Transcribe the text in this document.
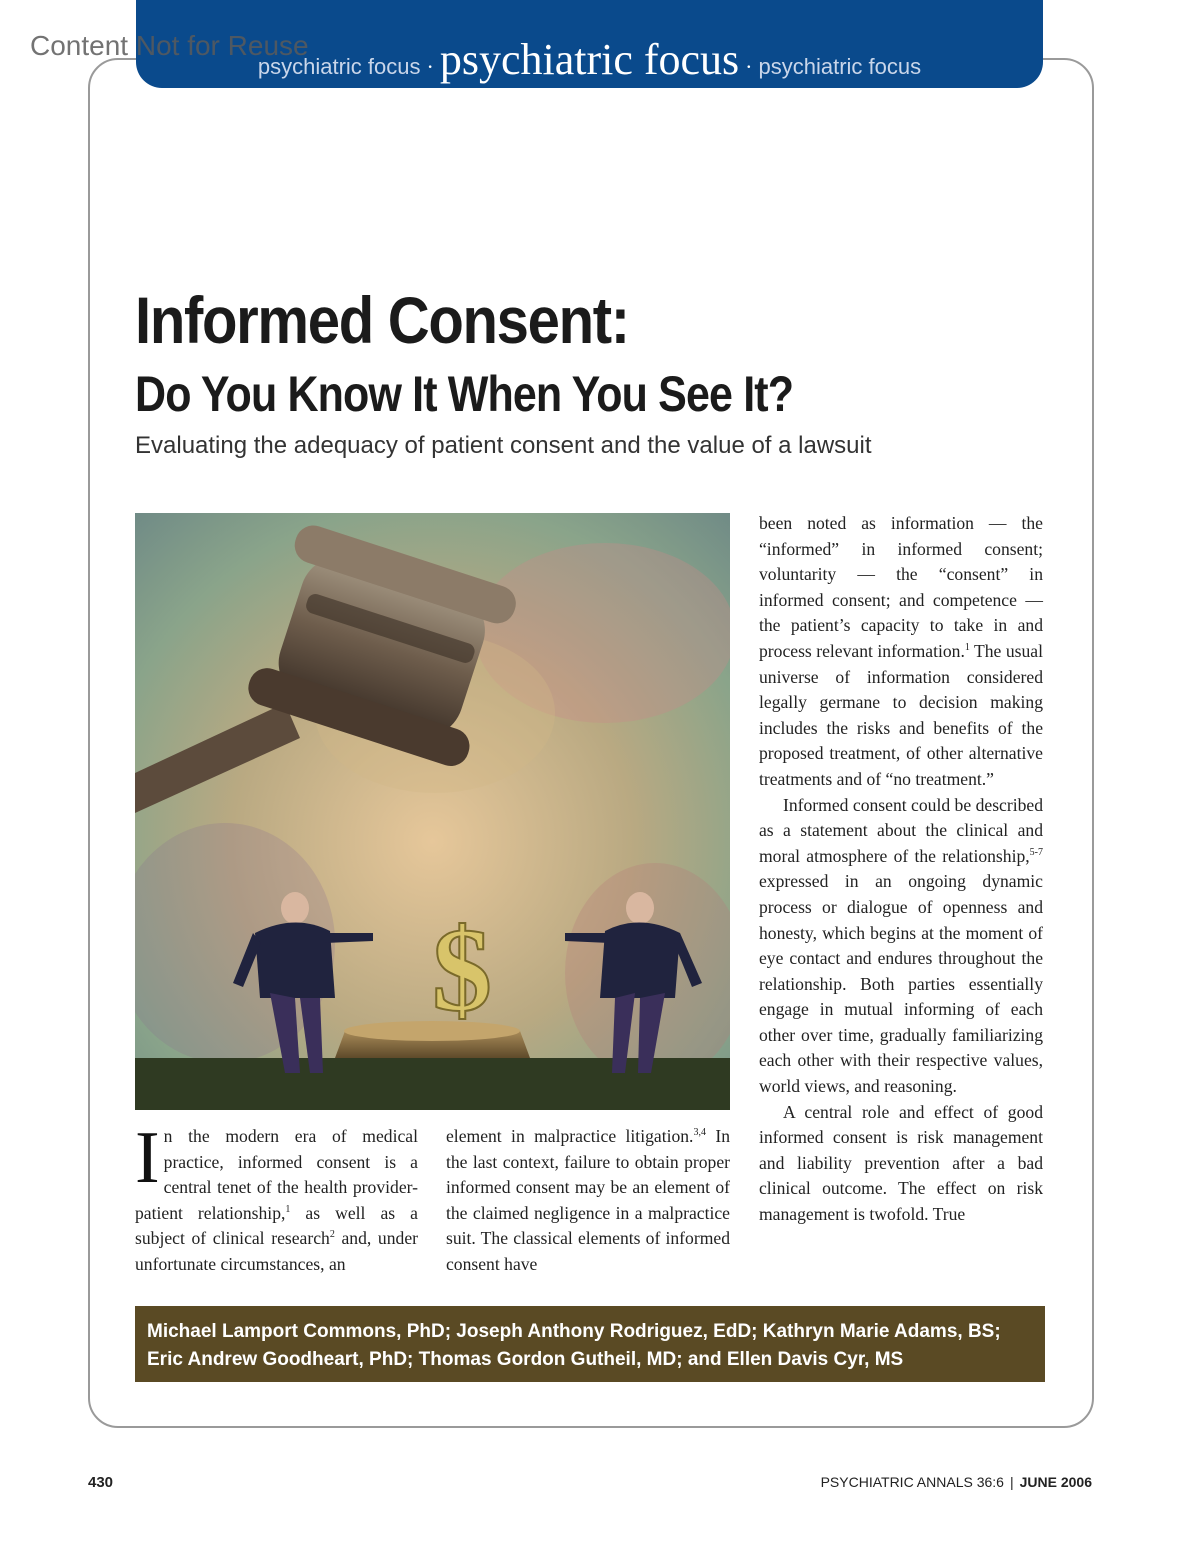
psychiatric focus · psychiatric focus · psychiatric focus
Content Not for Reuse
Informed Consent:
Do You Know It When You See It?
Evaluating the adequacy of patient consent and the value of a lawsuit
$
In the modern era of medical practice, informed consent is a central tenet of the health provider-patient relationship,$^1$ as well as a subject of clinical research$^2$ and, under unfortunate circumstances, an
element in malpractice litigation.$^{3,4}$ In the last context, failure to obtain proper informed consent may be an element of the claimed negligence in a malpractice suit. The classical elements of informed consent have

been noted as information — the “informed” in informed consent; voluntarity — the “consent” in informed consent; and competence — the patient’s capacity to take in and process relevant information.$^1$ The usual universe of information considered legally germane to decision making includes the risks and benefits of the proposed treatment, of other alternative treatments and of “no treatment.”

Informed consent could be described as a statement about the clinical and moral atmosphere of the relationship,$^{5-7}$ expressed in an ongoing dynamic process or dialogue of openness and honesty, which begins at the moment of eye contact and endures throughout the relationship. Both parties essentially engage in mutual informing of each other over time, gradually familiarizing each other with their respective values, world views, and reasoning.

A central role and effect of good informed consent is risk management and liability prevention after a bad clinical outcome. The effect on risk management is twofold. True

Michael Lamport Commons, PhD; Joseph Anthony Rodriguez, EdD; Kathryn Marie Adams, BS;
Eric Andrew Goodheart, PhD; Thomas Gordon Gutheil, MD; and Ellen Davis Cyr, MS
430	PSYCHIATRIC ANNALS 36:6 | JUNE 2006
